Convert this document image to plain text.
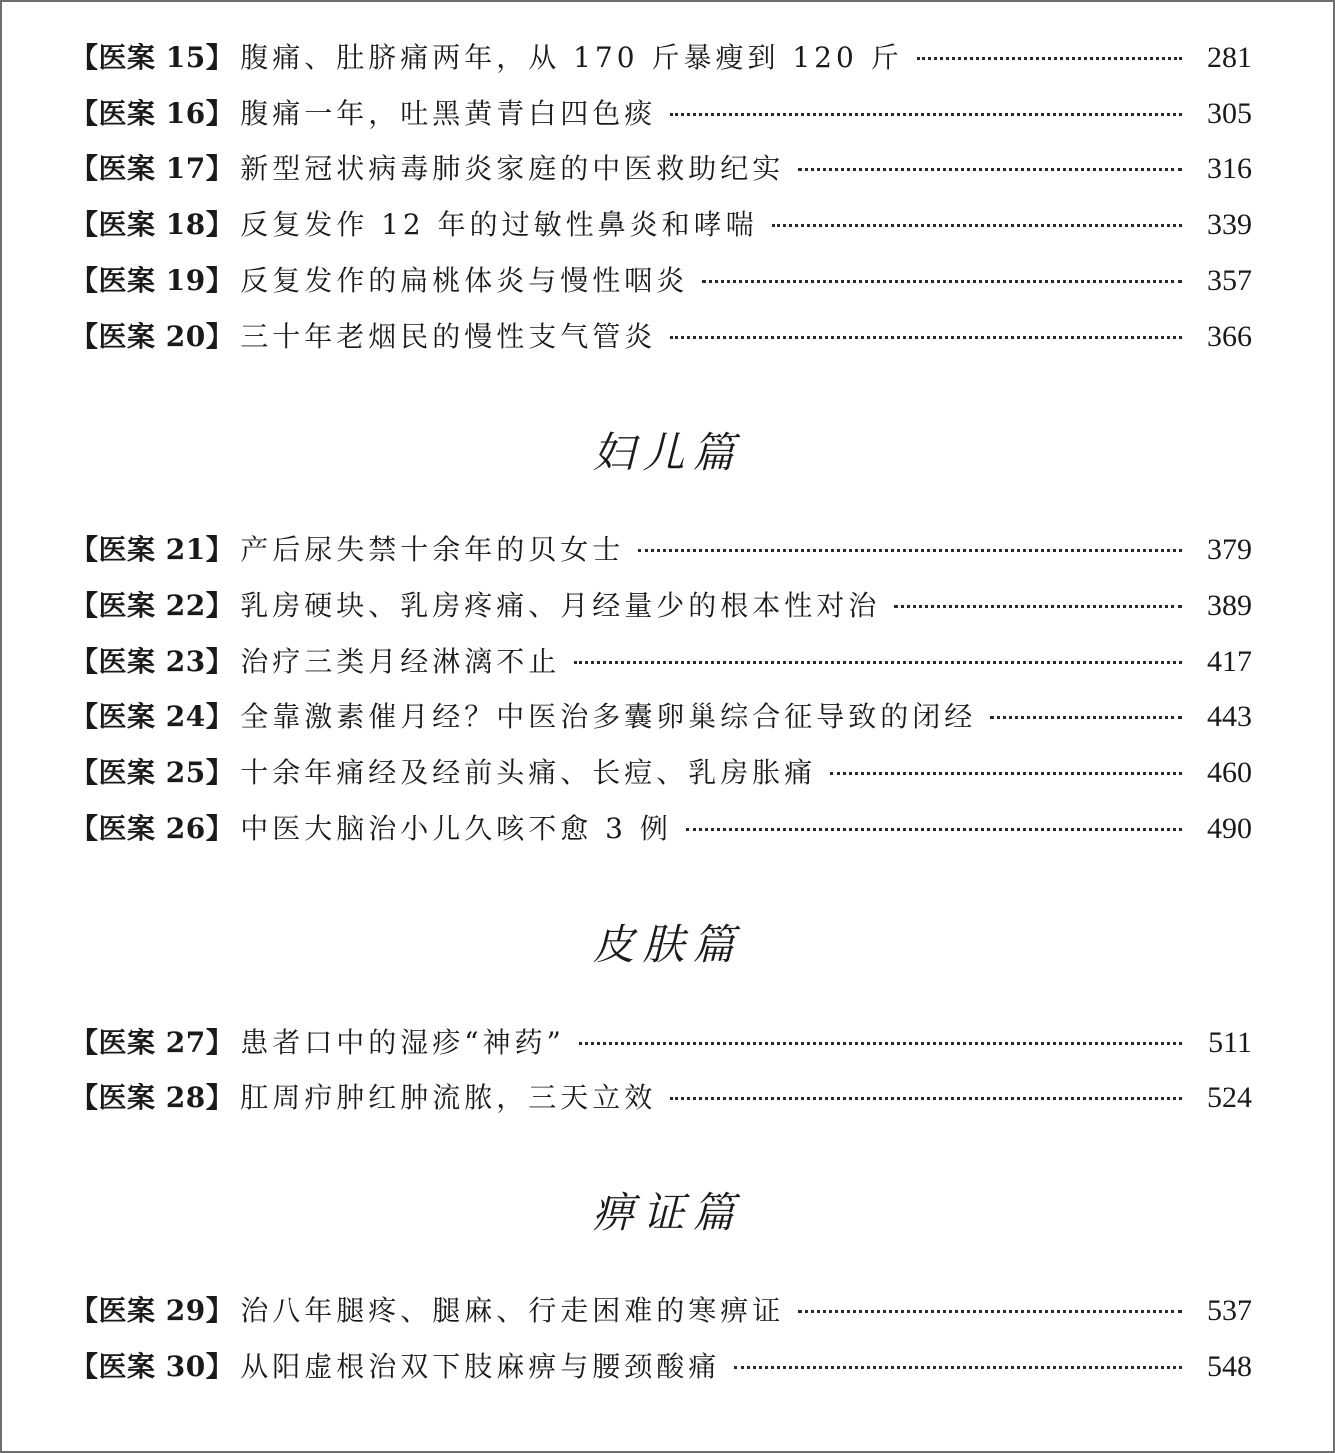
【医案 15】 腹痛、肚脐痛两年，从 170 斤暴瘦到 120 斤	281
【医案 16】 腹痛一年，吐黑黄青白四色痰	305
【医案 17】 新型冠状病毒肺炎家庭的中医救助纪实	316
【医案 18】 反复发作 12 年的过敏性鼻炎和哮喘	339
【医案 19】 反复发作的扁桃体炎与慢性咽炎	357
【医案 20】 三十年老烟民的慢性支气管炎	366
妇儿篇
【医案 21】 产后尿失禁十余年的贝女士	379
【医案 22】 乳房硬块、乳房疼痛、月经量少的根本性对治	389
【医案 23】 治疗三类月经淋漓不止	417
【医案 24】 全靠激素催月经？中医治多囊卵巢综合征导致的闭经	443
【医案 25】 十余年痛经及经前头痛、长痘、乳房胀痛	460
【医案 26】 中医大脑治小儿久咳不愈 3 例	490
皮肤篇
【医案 27】 患者口中的湿疹“神药”	511
【医案 28】 肛周疖肿红肿流脓，三天立效	524
痹证篇
【医案 29】 治八年腿疼、腿麻、行走困难的寒痹证	537
【医案 30】 从阳虚根治双下肢麻痹与腰颈酸痛	548
